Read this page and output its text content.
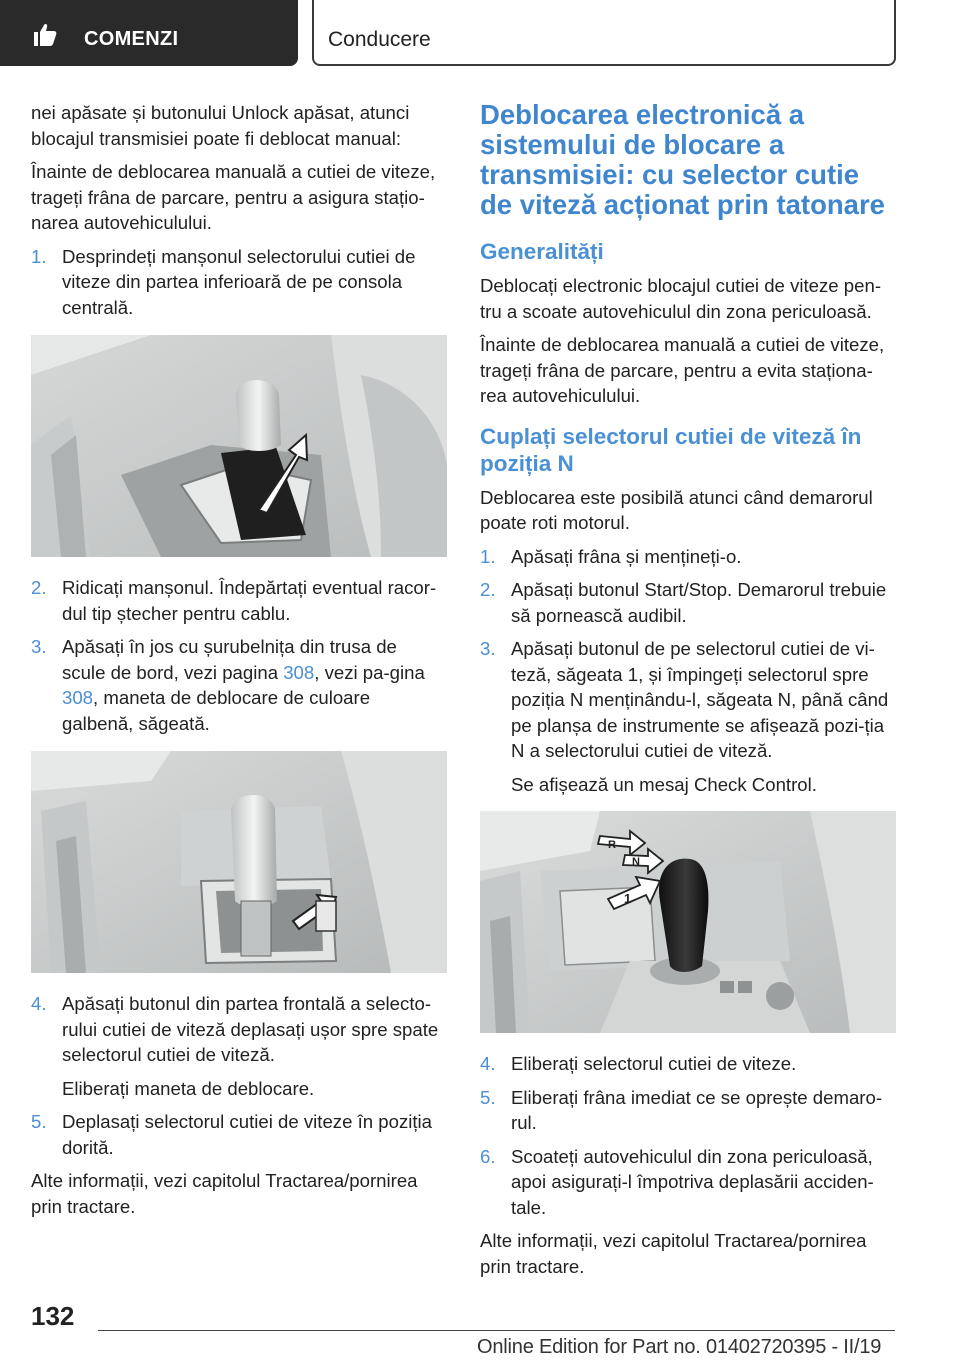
COMENZI	Conducere

nei apăsate și butonului Unlock apăsat, atunci blocajul transmisiei poate fi deblocat manual:

Înainte de deblocarea manuală a cutiei de viteze, trageți frâna de parcare, pentru a asigura stațio-narea autovehiculului.

1. Desprindeți manșonul selectorului cutiei de viteze din partea inferioară de pe consola centrală.
2. Ridicați manșonul. Îndepărtați eventual racor-dul tip ștecher pentru cablu.
3. Apăsați în jos cu șurubelnița din trusa de scule de bord, vezi pagina 308, vezi pa-gina 308, maneta de deblocare de culoare galbenă, săgeată.
4. Apăsați butonul din partea frontală a selecto-rului cutiei de viteză deplasați ușor spre spate selectorul cutiei de viteză.

Eliberați maneta de deblocare.

5. Deplasați selectorul cutiei de viteze în poziția dorită.

Alte informații, vezi capitolul Tractarea/pornirea prin tractare.

Deblocarea electronică a sistemului de blocare a transmisiei: cu selector cutie de viteză acționat prin tatonare
Generalități

Deblocați electronic blocajul cutiei de viteze pen-tru a scoate autovehiculul din zona periculoasă.

Înainte de deblocarea manuală a cutiei de viteze, trageți frâna de parcare, pentru a evita staționa-rea autovehiculului.

Cuplați selectorul cutiei de viteză în poziția N

Deblocarea este posibilă atunci când demarorul poate roti motorul.

1. Apăsați frâna și mențineți-o.
2. Apăsați butonul Start/Stop. Demarorul trebuie să pornească audibil.
3. Apăsați butonul de pe selectorul cutiei de vi-teză, săgeata 1, și împingeți selectorul spre poziția N menținându-l, săgeata N, până când pe planșa de instrumente se afișează pozi-ția N a selectorului cutiei de viteză.

Se afișează un mesaj Check Control.

R
N
1
4. Eliberați selectorul cutiei de viteze.
5. Eliberați frâna imediat ce se oprește demaro-rul.
6. Scoateți autovehiculul din zona periculoasă, apoi asigurați-l împotriva deplasării acciden-tale.

Alte informații, vezi capitolul Tractarea/pornirea prin tractare.

132
Online Edition for Part no. 01402720395 - II/19
